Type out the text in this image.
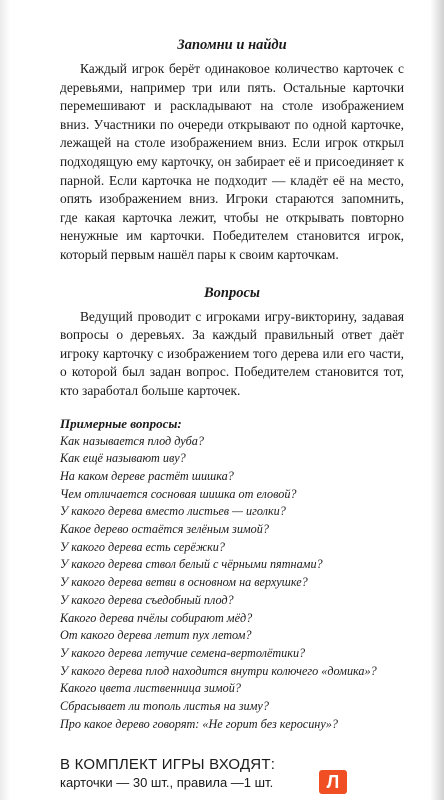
Запомни и найди

Каждый игрок берёт одинаковое количество карточек с деревьями, например три или пять. Остальные карточки перемешивают и раскладывают на столе изображением вниз. Участники по очереди открывают по одной карточке, лежащей на столе изображением вниз. Если игрок открыл подходящую ему карточку, он забирает её и присоединяет к парной. Если карточка не подходит — кладёт её на место, опять изображением вниз. Игроки стараются запомнить, где какая карточка лежит, чтобы не открывать повторно ненужные им карточки. Победителем становится игрок, который первым нашёл пары к своим карточкам.

Вопросы

Ведущий проводит с игроками игру-викторину, задавая вопросы о деревьях. За каждый правильный ответ даёт игроку карточку с изображением того дерева или его части, о которой был задан вопрос. Победителем становится тот, кто заработал больше карточек.

Примерные вопросы:
Как называется плод дуба?
Как ещё называют иву?
На каком дереве растёт шишка?
Чем отличается сосновая шишка от еловой?
У какого дерева вместо листьев — иголки?
Какое дерево остаётся зелёным зимой?
У какого дерева есть серёжки?
У какого дерева ствол белый с чёрными пятнами?
У какого дерева ветви в основном на верхушке?
У какого дерева съедобный плод?
Какого дерева пчёлы собирают мёд?
От какого дерева летит пух летом?
У какого дерева летучие семена-вертолётики?
У какого дерева плод находится внутри колючего «домика»?
Какого цвета лиственница зимой?
Сбрасывает ли тополь листья на зиму?
Про какое дерево говорят: «Не горит без керосину»?
В КОМПЛЕКТ ИГРЫ ВХОДЯТ:
карточки — 30 шт., правила —1 шт.	Л
